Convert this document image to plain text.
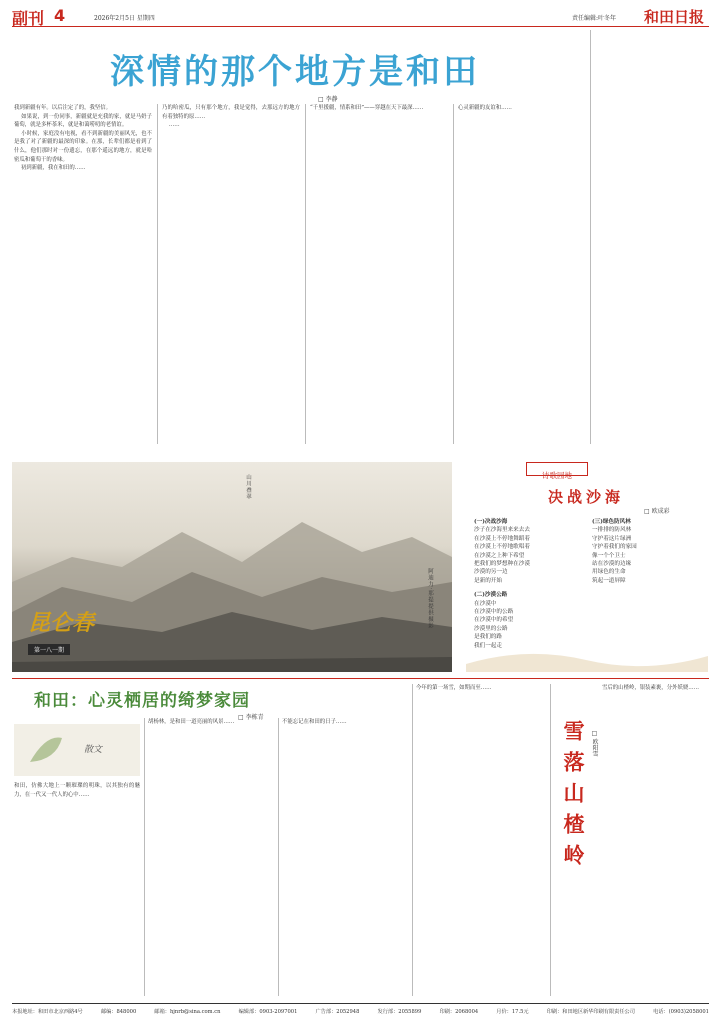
副刊 4	2026年2月5日 星期四	责任编辑:叶冬年 和田日报
深情的那个地方是和田
□ 李静
我到新疆有年。以后注定了的，我坚信。
如果说，到一份同事，新疆就是充我的家，就是马奶子葡萄，就是多杯茶米，就是和蔼唠叨的老情谊。
小时候，家庭没有电视，看不到新疆的美丽风光，也不是我了对了新疆的最深的印象。在那，长辈们都是看到了什么，他们那时对一份遗忘，在那个遥远的地方，就是哈密瓜和葡萄干的香味。
初到新疆，我在和田的……
乃的哈密瓜，只有那个地方，我是觉得，去那远方的地方有着独特的原……
……
“千里援疆，情系和田”——穿越在天下最深……	心灵新疆的友谊和……
山川叠翠
阿迪力·那提提供摄影
昆仑春
第一八一期
诗歌园地
决战沙海
□ 欧成彩
(一)决战沙海
沙子在沙海里来来去去
在沙漠上不停地舞蹈着
在沙漠上不停地歌唱着
在沙漠之上种下希望
把我们的梦想种在沙漠
沙漠的另一边
是新的开始
(二)沙漠公路
在沙漠中
在沙漠中的公路
在沙漠中的希望
沙漠里的公路
是我们的路
我们一起走
(三)绿色防风林
一排排的防风林
守护着这片绿洲
守护着我们的家园
像一个个卫士
站在沙漠的边缘
用绿色的生命
筑起一道屏障
和田：心灵栖居的绮梦家园
□ 李栋青
散文
和田，仿佛大地上一颗璀璨的明珠，以其独有的魅力，在一代又一代人的心中……
胡杨林，是和田一道亮丽的风景……	不能忘记在和田的日子……
今年的第一场雪，如期而至……
雪落山楂岭 □ 欧阳雪
雪后的山楂岭，银装素裹，分外妖娆……
本报地址：和田市北京西路4号	邮编：848000	邮箱：hjnrb@sina.com.cn	编辑部：0903-2097001	广告部：2052948	发行部：2055899	印刷：2068004	月价：17.5元	印刷：和田地区新华印刷有限责任公司	电话：(0903)2058001
